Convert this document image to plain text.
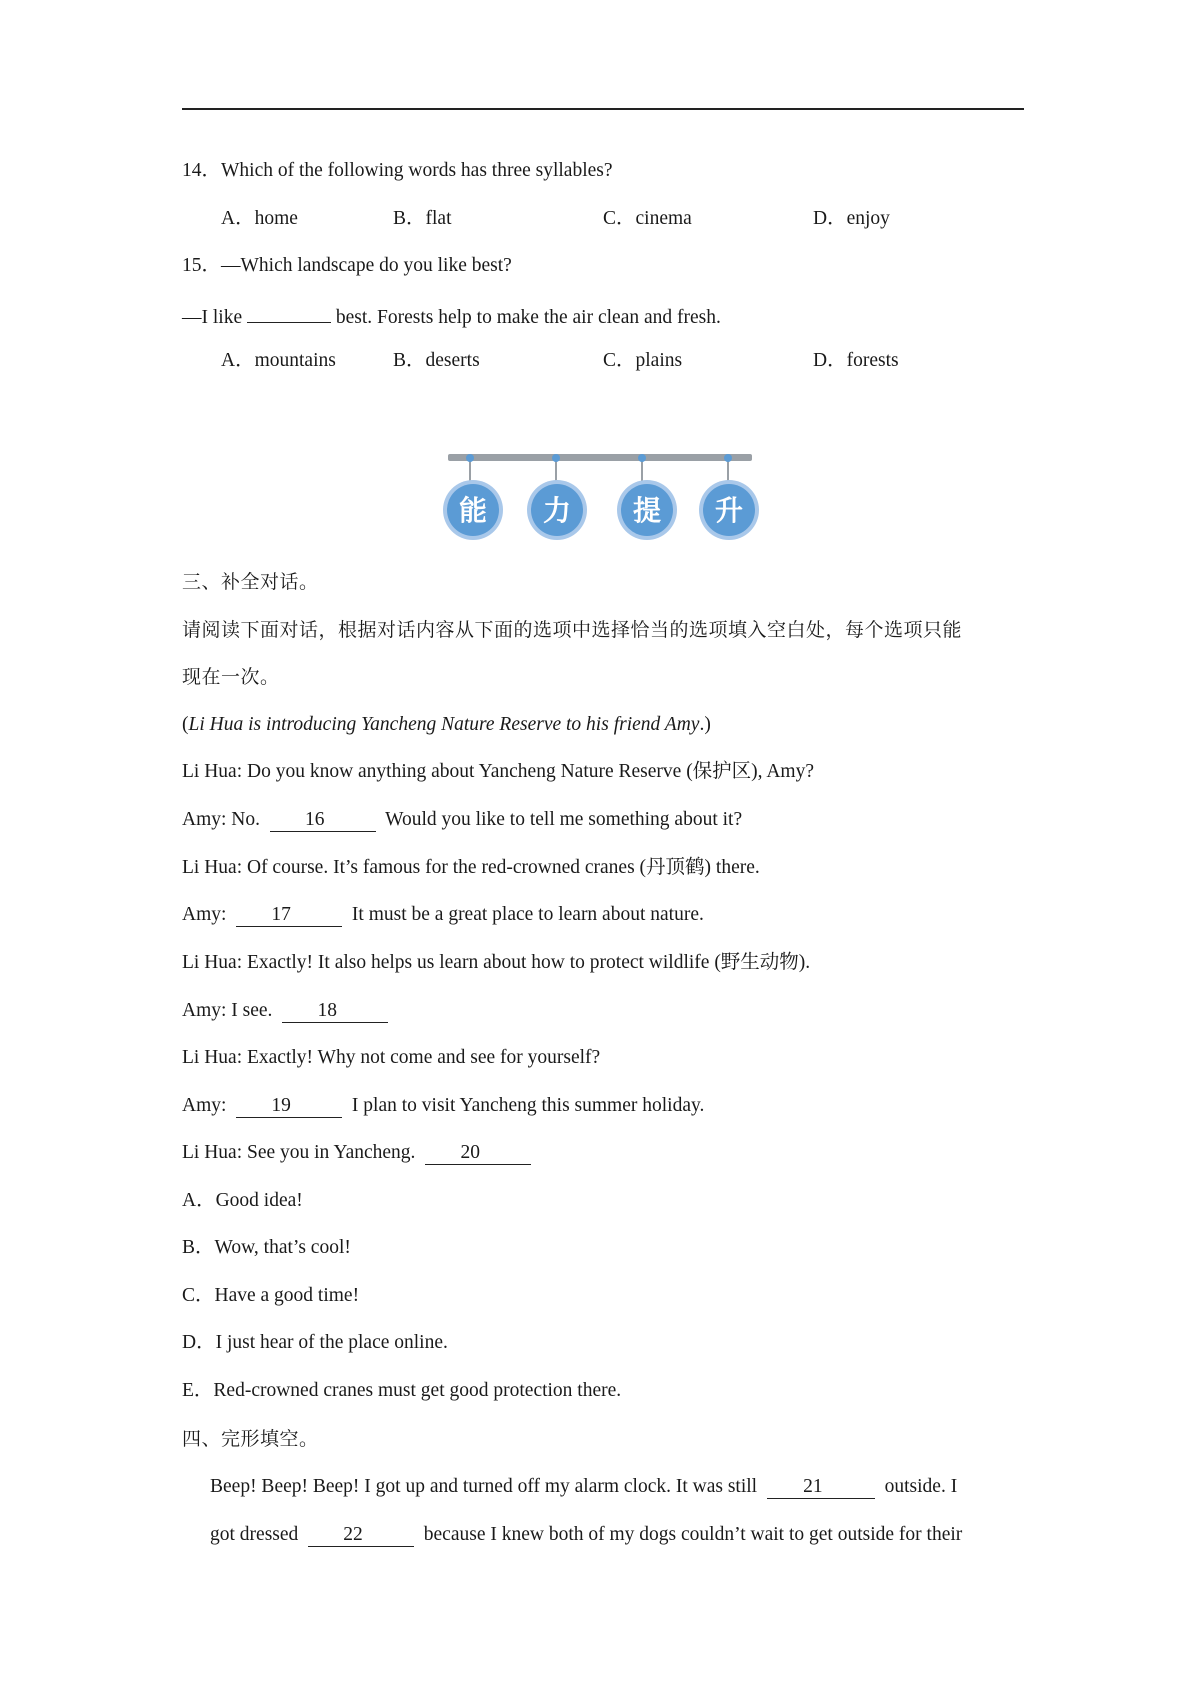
14．Which of the following words has three syllables?
A．home	B．flat	C．cinema	D．enjoy
15．—Which landscape do you like best?
—I like	best. Forests help to make the air clean and fresh.
A．mountains	B．deserts	C．plains	D．forests
能 力 提 升
三、补全对话。
请阅读下面对话，根据对话内容从下面的选项中选择恰当的选项填入空白处，每个选项只能
现在一次。
(Li Hua is introducing Yancheng Nature Reserve to his friend Amy.)
Li Hua: Do you know anything about Yancheng Nature Reserve (保护区), Amy?
Amy: No. 16	Would you like to tell me something about it?
Li Hua: Of course. It’s famous for the red-crowned cranes (丹顶鹤) there.
Amy: 17	It must be a great place to learn about nature.
Li Hua: Exactly! It also helps us learn about how to protect wildlife (野生动物).
Amy: I see. 18
Li Hua: Exactly! Why not come and see for yourself?
Amy: 19	I plan to visit Yancheng this summer holiday.
Li Hua: See you in Yancheng. 20
A．Good idea!
B．Wow, that’s cool!
C．Have a good time!
D．I just hear of the place online.
E．Red-crowned cranes must get good protection there.
四、完形填空。
Beep! Beep! Beep! I got up and turned off my alarm clock. It was still 21	outside. I
got dressed 22	because I knew both of my dogs couldn’t wait to get outside for their
